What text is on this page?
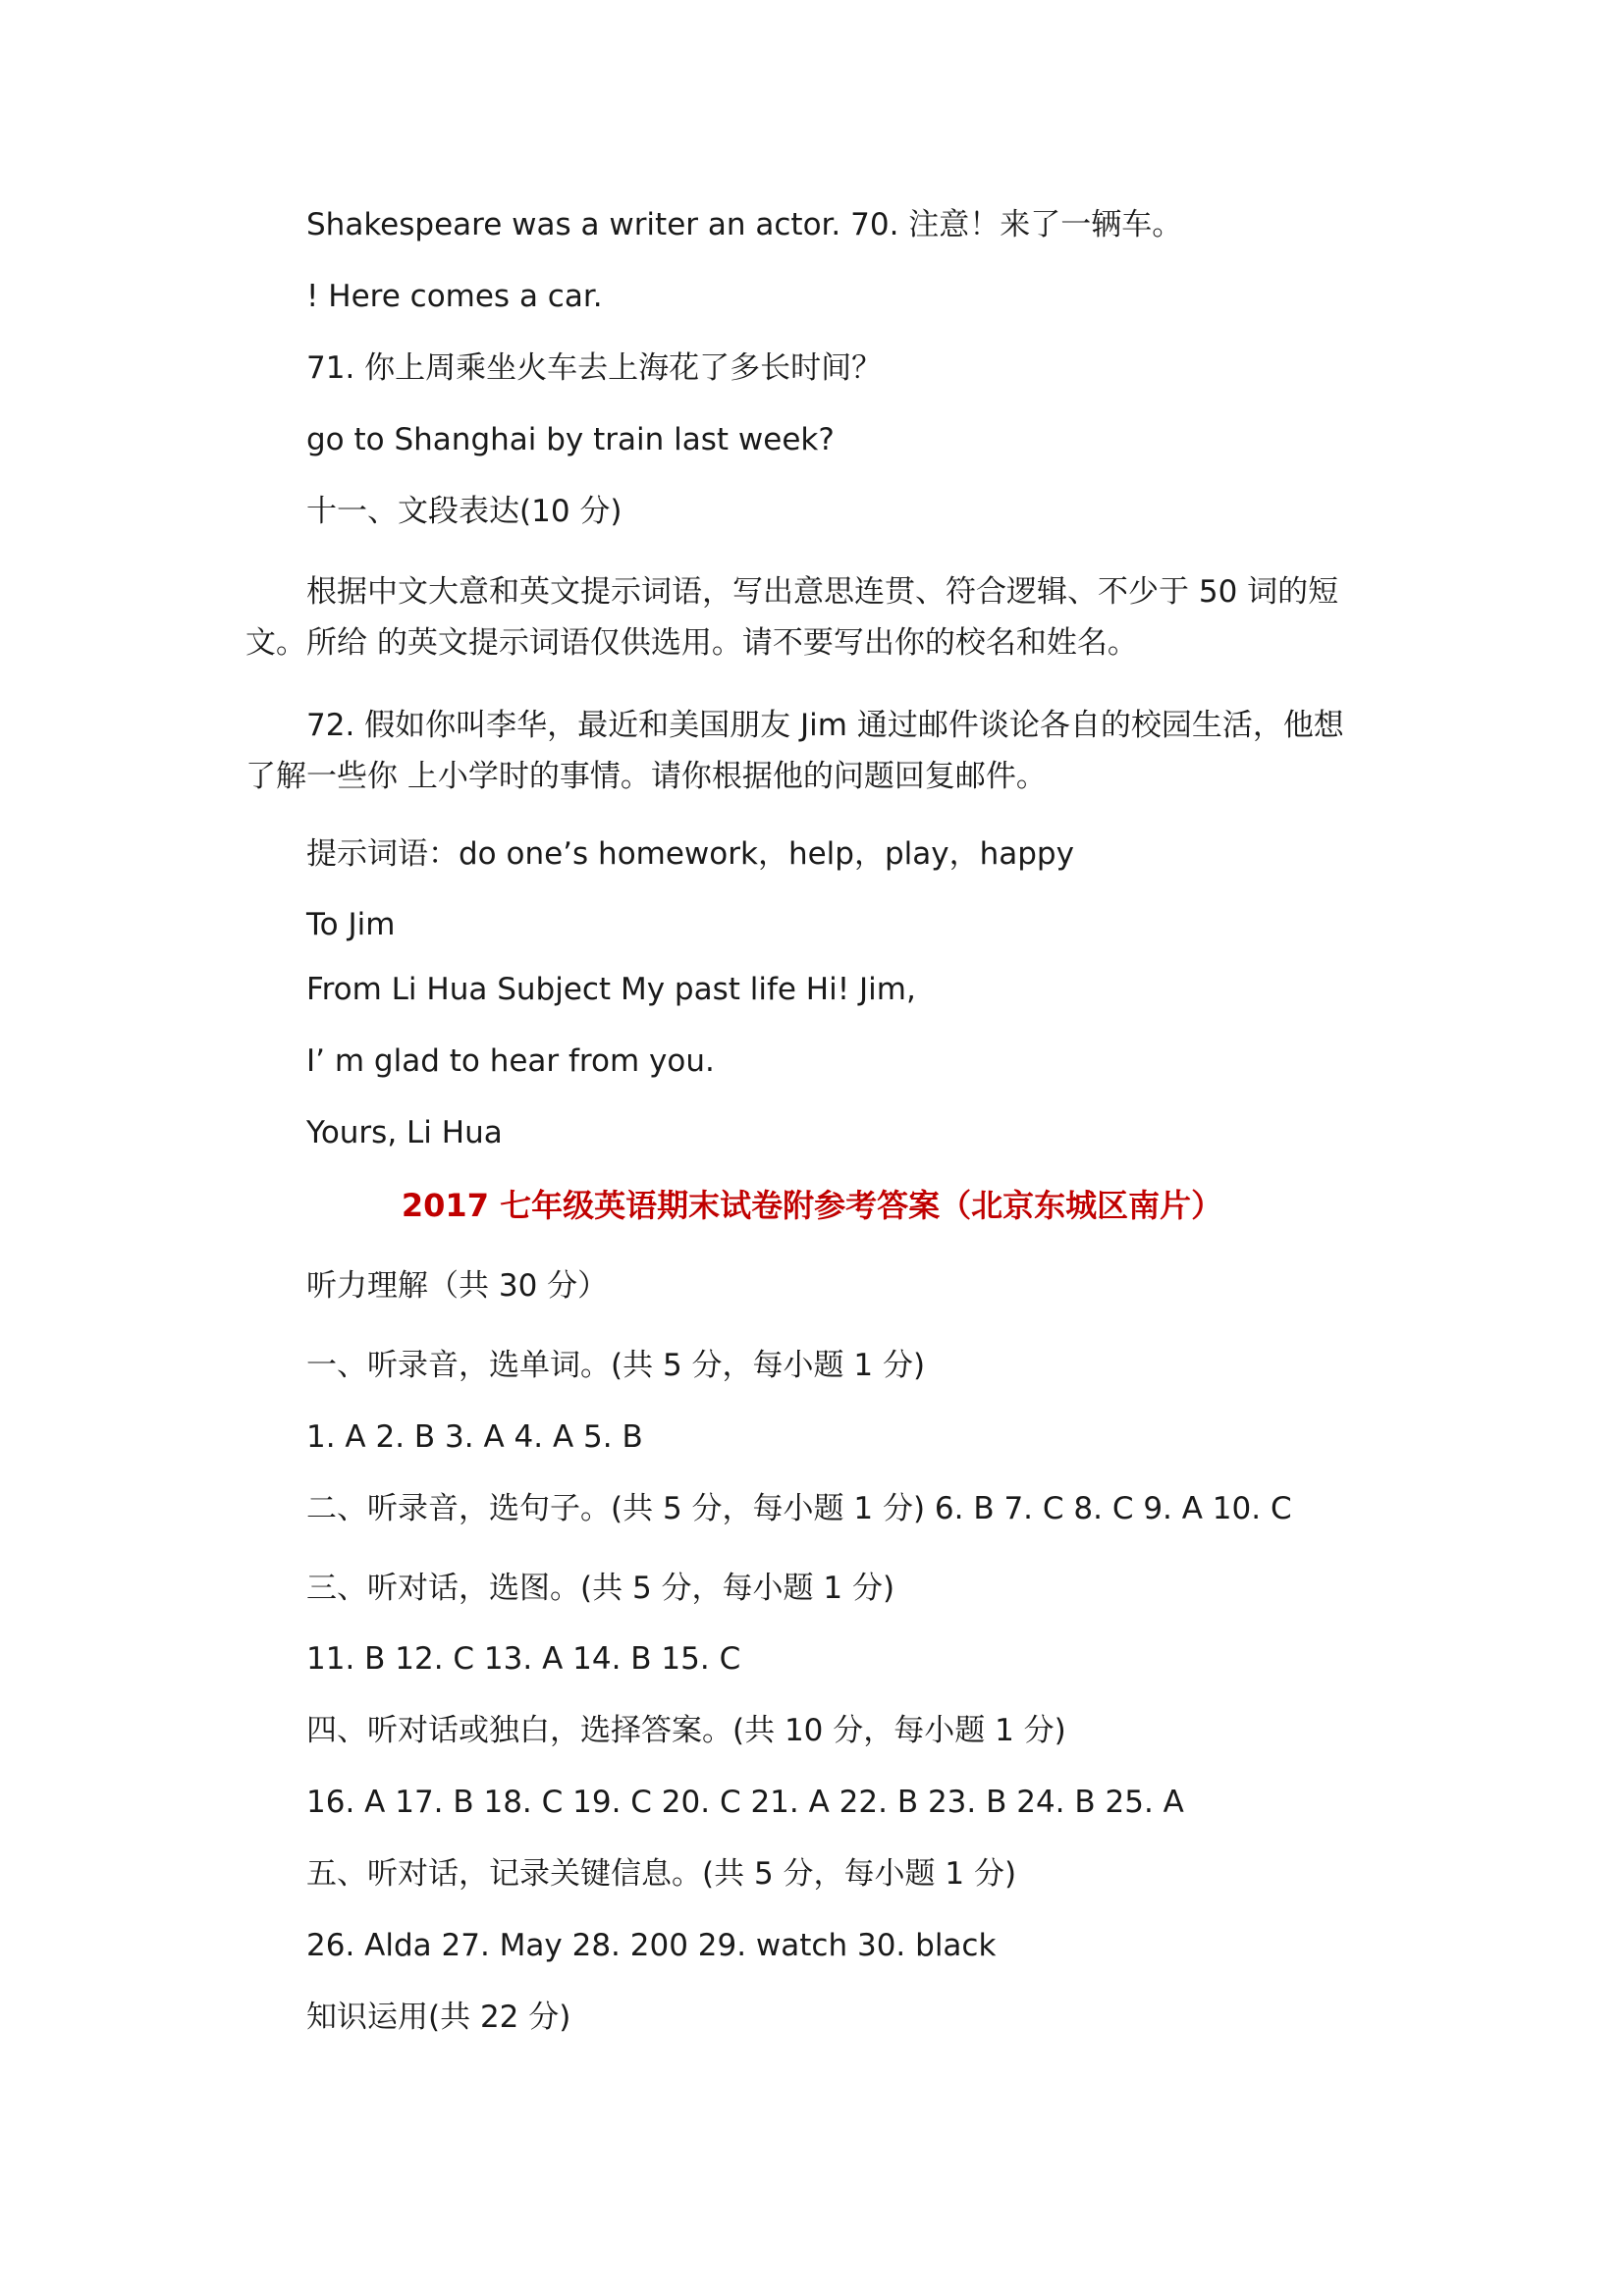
Shakespeare was a writer an actor. 70. 注意！来了一辆车。
! Here comes a car.
71. 你上周乘坐火车去上海花了多长时间？
go to Shanghai by train last week?
十一、文段表达(10 分)
根据中文大意和英文提示词语，写出意思连贯、符合逻辑、不少于 50 词的短文。所给 的英文提示词语仅供选用。请不要写出你的校名和姓名。
72. 假如你叫李华，最近和美国朋友 Jim 通过邮件谈论各自的校园生活，他想了解一些你 上小学时的事情。请你根据他的问题回复邮件。
提示词语：do one’s homework，help，play，happy
To Jim
From Li Hua Subject My past life Hi! Jim,
I’ m glad to hear from you.
Yours, Li Hua
2017 七年级英语期末试卷附参考答案（北京东城区南片）
听力理解（共 30 分）
一、听录音，选单词。(共 5 分，每小题 1 分)
1. A 2. B 3. A 4. A 5. B
二、听录音，选句子。(共 5 分，每小题 1 分) 6. B 7. C 8. C 9. A 10. C
三、听对话，选图。(共 5 分，每小题 1 分)
11. B 12. C 13. A 14. B 15. C
四、听对话或独白，选择答案。(共 10 分，每小题 1 分)
16. A 17. B 18. C 19. C 20. C 21. A 22. B 23. B 24. B 25. A
五、听对话，记录关键信息。(共 5 分，每小题 1 分)
26. Alda 27. May 28. 200 29. watch 30. black
知识运用(共 22 分)
